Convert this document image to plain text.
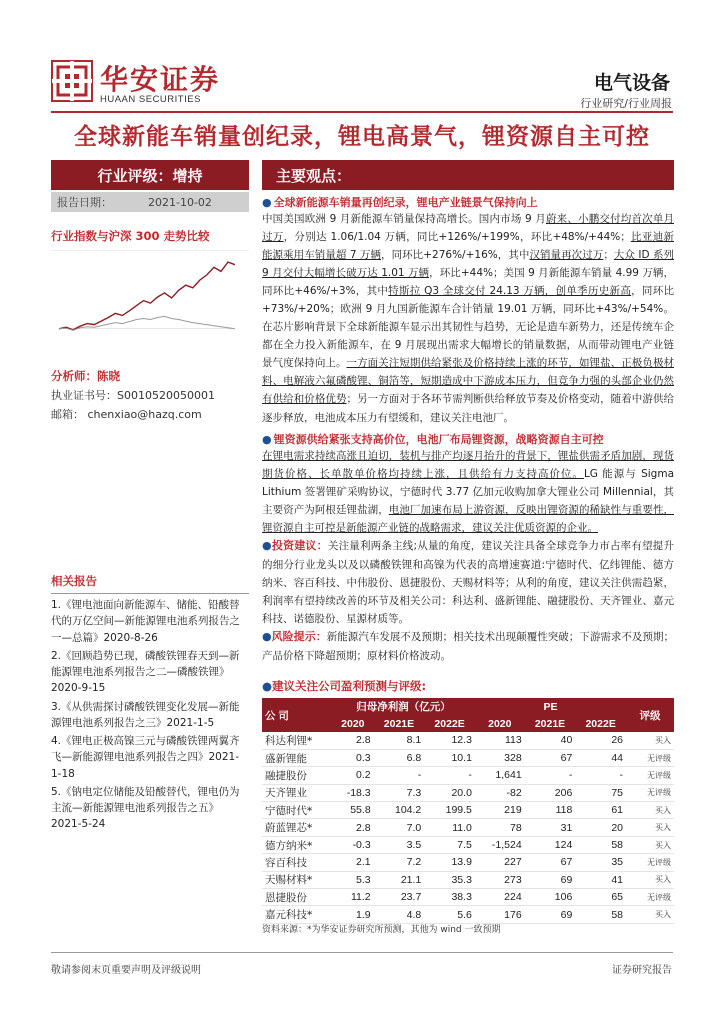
华安证券
HUAAN SECURITIES
电气设备
行业研究/行业周报
全球新能车销量创纪录，锂电高景气，锂资源自主可控
行业评级：增持
报告日期：	2021-10-02
行业指数与沪深 300 走势比较
分析师：陈晓
执业证书号：S0010520050001
邮箱： chenxiao@hazq.com
相关报告
1.《锂电池面向新能源车、储能、铅酸替代的万亿空间—新能源锂电池系列报告之一—总篇》2020-8-26
2.《回顾趋势已现，磷酸铁锂春天到—新能源锂电池系列报告之二—磷酸铁锂》2020-9-15
3.《从供需探讨磷酸铁锂变化发展—新能源锂电池系列报告之三》2021-1-5
4.《锂电正极高镍三元与磷酸铁锂两翼齐飞—新能源锂电池系列报告之四》2021-1-18
5.《钠电定位储能及铅酸替代，锂电仍为主流—新能源锂电池系列报告之五》2021-5-24
主要观点：
● 全球新能源车销量再创纪录，锂电产业链景气保持向上
中国美国欧洲 9 月新能源车销量保持高增长。国内市场 9 月蔚来、小鹏交付均首次单月过万，分别达 1.06/1.04 万辆，同比+126%/+199%，环比+48%/+44%；比亚迪新能源乘用车销量超 7 万辆，同环比+276%/+16%，其中汉销量再次过万；大众 ID 系列 9 月交付大幅增长破万达 1.01 万辆，环比+44%；美国 9 月新能源车销量 4.99 万辆，同环比+46%/+3%，其中特斯拉 Q3 全球交付 24.13 万辆，创单季历史新高，同环比+73%/+20%；欧洲 9 月九国新能源车合计销量 19.01 万辆，同环比+43%/+54%。在芯片影响背景下全球新能源车显示出其韧性与趋势，无论是造车新势力，还是传统车企都在全力投入新能源车，在 9 月展现出需求大幅增长的销量数据，从而带动锂电产业链景气度保持向上。一方面关注短期供给紧张及价格持续上涨的环节，如锂盐、正极负极材料、电解液六氟磷酸锂、铜箔等，短期造成中下游成本压力，但竞争力强的头部企业仍然有供给和价格优势；另一方面对于各环节需判断供给释放节奏及价格变动，随着中游供给逐步释放，电池成本压力有望缓和，建议关注电池厂。
● 锂资源供给紧张支持高价位，电池厂布局锂资源，战略资源自主可控
在锂电需求持续高涨且迫切，装机与排产均逐月抬升的背景下，锂盐供需矛盾加剧，现货期货价格、长单散单价格均持续上涨，且供给有力支持高价位。LG 能源与 Sigma Lithium 签署锂矿采购协议，宁德时代 3.77 亿加元收购加拿大锂业公司 Millennial，其主要资产为阿根廷锂盐湖，电池厂加速布局上游资源，反映出锂资源的稀缺性与重要性，锂资源自主可控是新能源产业链的战略需求，建议关注优质资源的企业。
●投资建议：关注量利两条主线;从量的角度，建议关注具备全球竞争力市占率有望提升的细分行业龙头以及以磷酸铁锂和高镍为代表的高增速赛道:宁德时代、亿纬锂能、德方纳米、容百科技、中伟股份、恩捷股份、天赐材料等；从利的角度，建议关注供需趋紧，利润率有望持续改善的环节及相关公司：科达利、盛新锂能、融捷股份、天齐锂业、嘉元科技、诺德股份、星源材质等。
●风险提示：新能源汽车发展不及预期；相关技术出现颠覆性突破；下游需求不及预期；产品价格下降超预期；原材料价格波动。
●建议关注公司盈利预测与评级:
公 司	归母净利润（亿元）			PE			评级
	2020	2021E	2022E	2020	2021E	2022E	
科达利锂*	2.8	8.1	12.3	113	40	26	买入
盛新锂能	0.3	6.8	10.1	328	67	44	无评级
融捷股份	0.2	-	-	1,641	-	-	无评级
天齐锂业	-18.3	7.3	20.0	-82	206	75	无评级
宁德时代*	55.8	104.2	199.5	219	118	61	买入
蔚蓝锂芯*	2.8	7.0	11.0	78	31	20	买入
德方纳米*	-0.3	3.5	7.5	-1,524	124	58	买入
容百科技	2.1	7.2	13.9	227	67	35	无评级
天赐材料*	5.3	21.1	35.3	273	69	41	买入
恩捷股份	11.2	23.7	38.3	224	106	65	无评级
嘉元科技*	1.9	4.8	5.6	176	69	58	买入
资料来源：*为华安证券研究所预测，其他为 wind 一致预期
敬请参阅末页重要声明及评级说明	证券研究报告
